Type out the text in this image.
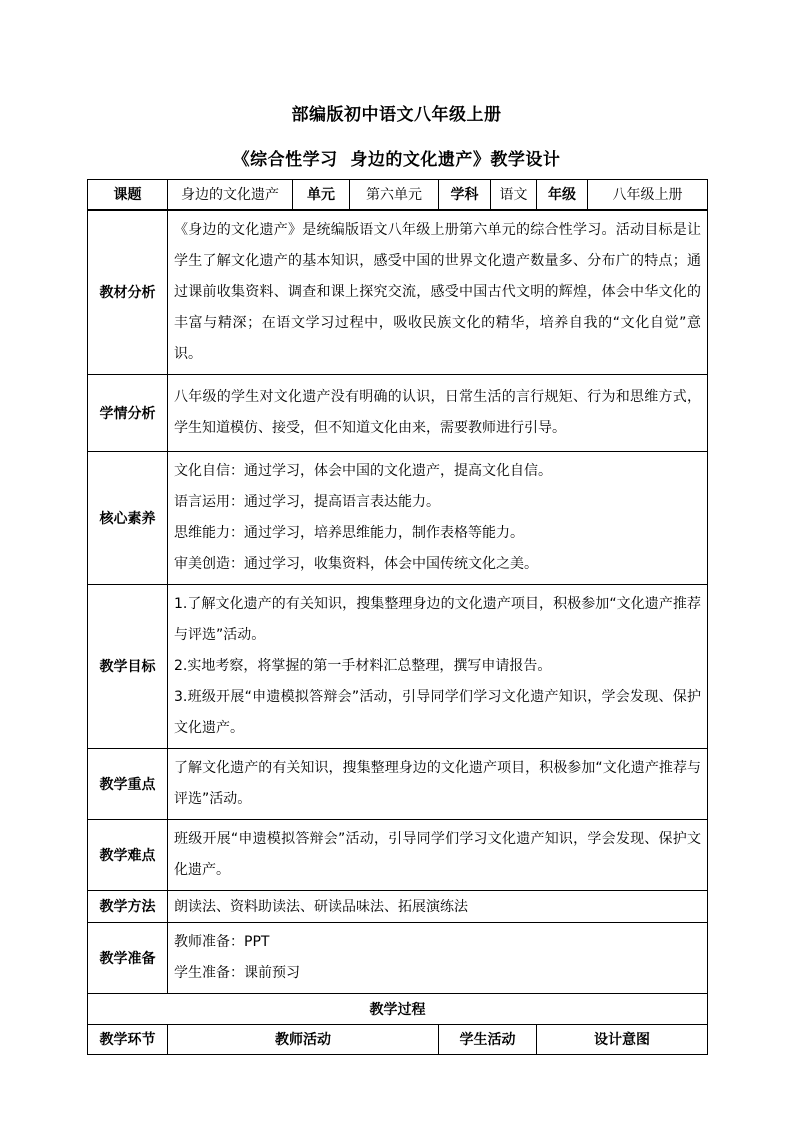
部编版初中语文八年级上册
《综合性学习  身边的文化遗产》教学设计
课题	身边的文化遗产	单元	第六单元	学科	语文	年级	八年级上册
教材分析	《身边的文化遗产》是统编版语文八年级上册第六单元的综合性学习。活动目标是让学生了解文化遗产的基本知识，感受中国的世界文化遗产数量多、分布广的特点；通过课前收集资料、调查和课上探究交流，感受中国古代文明的辉煌，体会中华文化的丰富与精深；在语文学习过程中，吸收民族文化的精华，培养自我的“文化自觉”意识。						
学情分析	八年级的学生对文化遗产没有明确的认识，日常生活的言行规矩、行为和思维方式，学生知道模仿、接受，但不知道文化由来，需要教师进行引导。						
核心素养	文化自信：通过学习，体会中国的文化遗产，提高文化自信。

语言运用：通过学习，提高语言表达能力。

思维能力：通过学习，培养思维能力，制作表格等能力。

审美创造：通过学习，收集资料，体会中国传统文化之美。						

教学目标	1.了解文化遗产的有关知识，搜集整理身边的文化遗产项目，积极参加“文化遗产推荐与评选”活动。

2.实地考察，将掌握的第一手材料汇总整理，撰写申请报告。

3.班级开展“申遗模拟答辩会”活动，引导同学们学习文化遗产知识，学会发现、保护文化遗产。						

教学重点	了解文化遗产的有关知识，搜集整理身边的文化遗产项目，积极参加“文化遗产推荐与评选”活动。						
教学难点	班级开展“申遗模拟答辩会”活动，引导同学们学习文化遗产知识，学会发现、保护文化遗产。						
教学方法	朗读法、资料助读法、研读品味法、拓展演练法						
教学准备	教师准备：PPT

学生准备：课前预习						

教学过程							
教学环节	教师活动			学生活动		设计意图	
